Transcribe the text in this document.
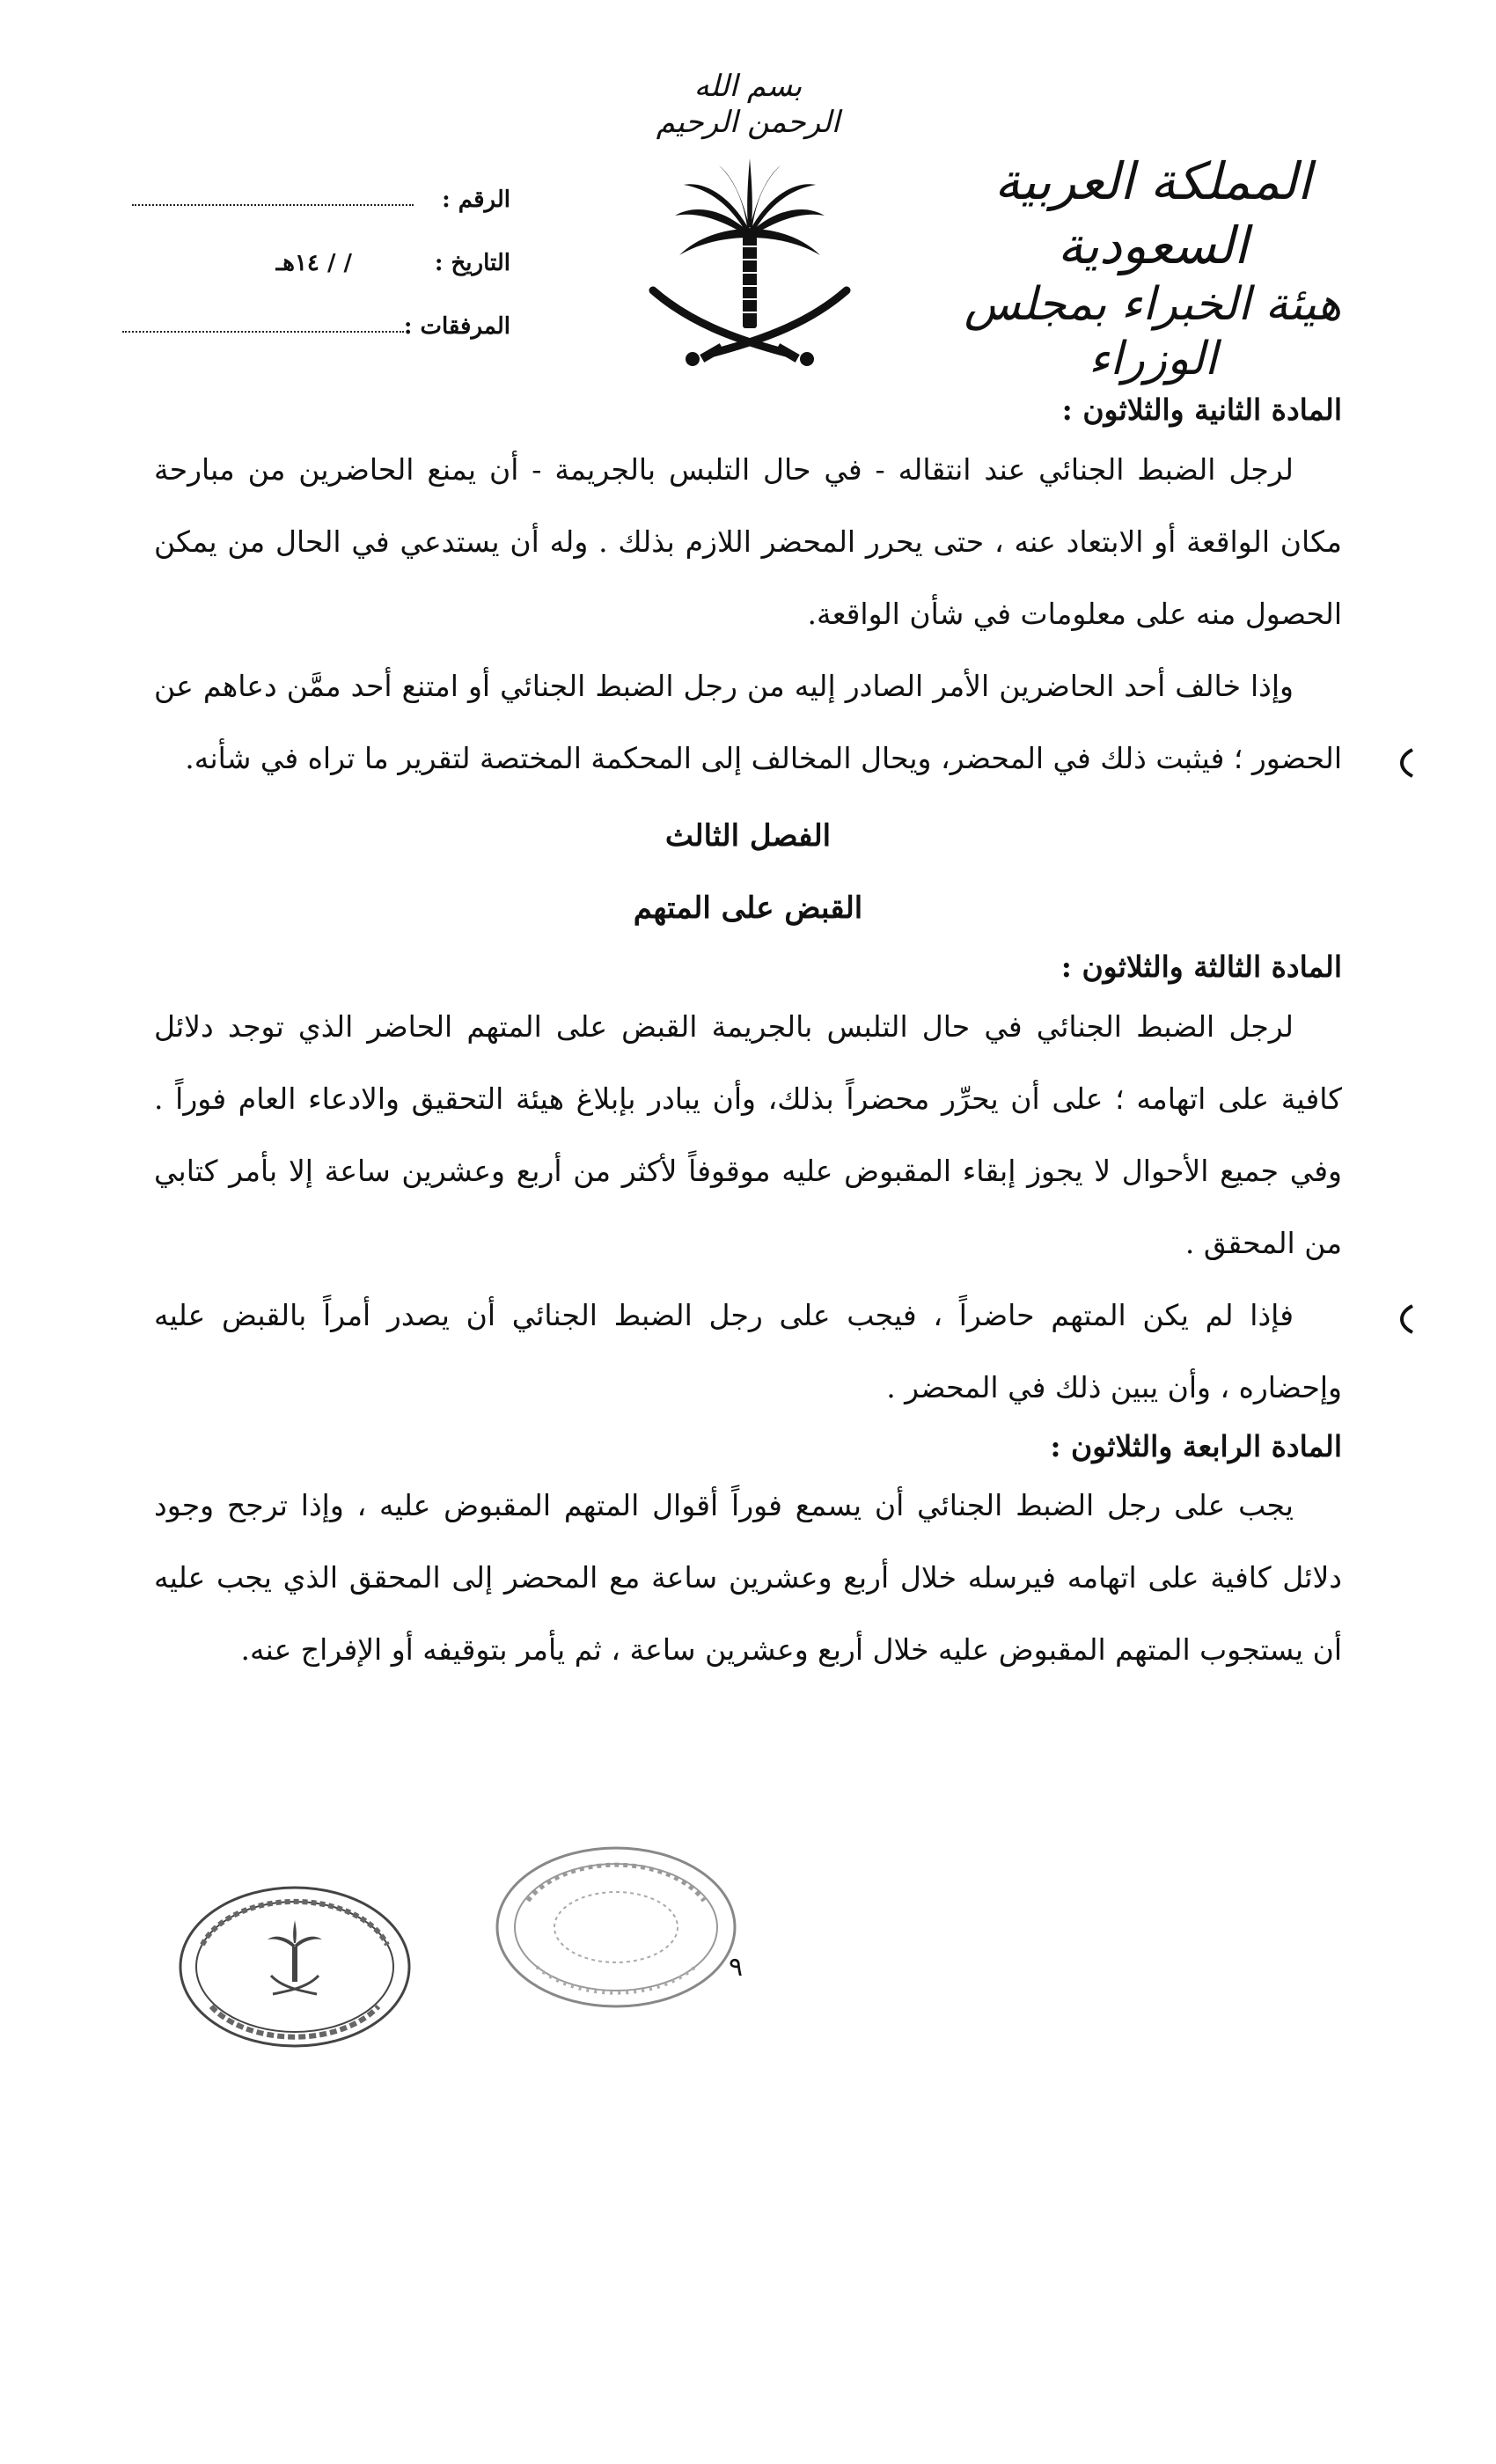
بسم الله الرحمن الرحيم
المملكة العربية السعودية
هيئة الخبراء بمجلس الوزراء
الرقم :
التاريخ :
/ / ١٤هـ
المرفقات :

المادة الثانية والثلاثون :

لرجل الضبط الجنائي عند انتقاله - في حال التلبس بالجريمة - أن يمنع الحاضرين من مبارحة مكان الواقعة أو الابتعاد عنه ، حتى يحرر المحضر اللازم بذلك . وله أن يستدعي في الحال من يمكن الحصول منه على معلومات في شأن الواقعة.

وإذا خالف أحد الحاضرين الأمر الصادر إليه من رجل الضبط الجنائي أو امتنع أحد ممَّن دعاهم عن الحضور ؛ فيثبت ذلك في المحضر، ويحال المخالف إلى المحكمة المختصة لتقرير ما تراه في شأنه.

الفصل الثالث

القبض على المتهم

المادة الثالثة والثلاثون :

لرجل الضبط الجنائي في حال التلبس بالجريمة القبض على المتهم الحاضر الذي توجد دلائل كافية على اتهامه ؛ على أن يحرِّر محضراً بذلك، وأن يبادر بإبلاغ هيئة التحقيق والادعاء العام فوراً . وفي جميع الأحوال لا يجوز إبقاء المقبوض عليه موقوفاً لأكثر من أربع وعشرين ساعة إلا بأمر كتابي من المحقق .

فإذا لم يكن المتهم حاضراً ، فيجب على رجل الضبط الجنائي أن يصدر أمراً بالقبض عليه وإحضاره ، وأن يبين ذلك في المحضر .

المادة الرابعة والثلاثون :

يجب على رجل الضبط الجنائي أن يسمع فوراً أقوال المتهم المقبوض عليه ، وإذا ترجح وجود دلائل كافية على اتهامه فيرسله خلال أربع وعشرين ساعة مع المحضر إلى المحقق الذي يجب عليه أن يستجوب المتهم المقبوض عليه خلال أربع وعشرين ساعة ، ثم يأمر بتوقيفه أو الإفراج عنه.

٩
